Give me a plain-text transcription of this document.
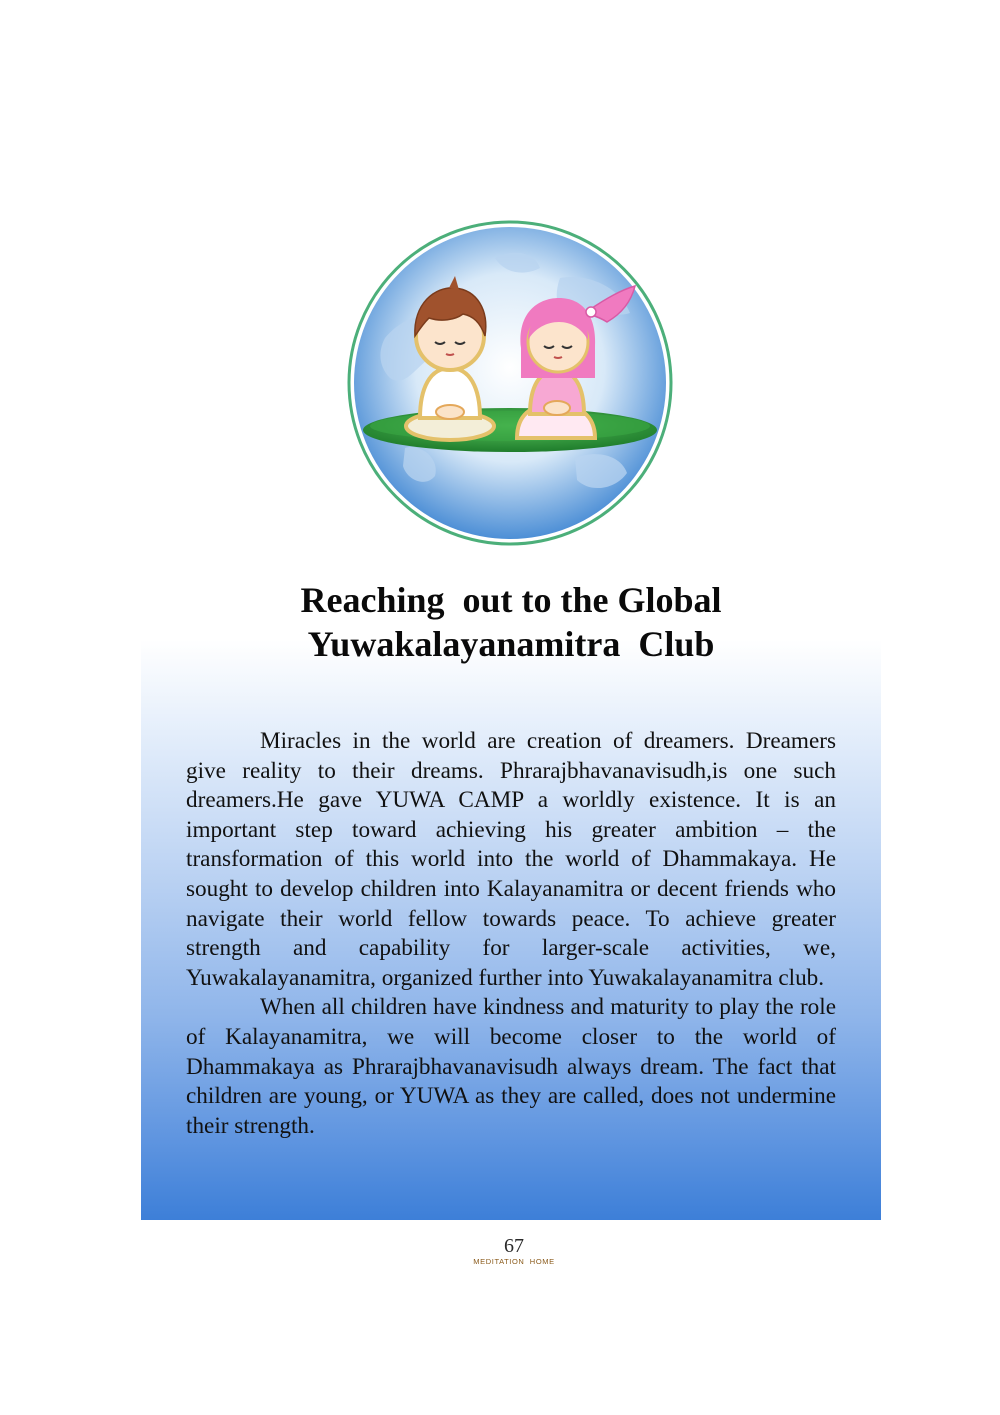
Reaching  out to the Global
Yuwakalayanamitra  Club

Miracles in the world are creation of dreamers. Dreamers give reality to their dreams. Phrarajbhavanavisudh,is one such dreamers.He gave YUWA CAMP a worldly existence. It is an important step toward achieving his greater ambition – the transformation of this world into the world of Dhammakaya. He sought to develop children into Kalayanamitra or decent friends who navigate their world fellow towards peace. To achieve greater strength and capability for larger-scale activities, we, Yuwakalayanamitra, organized further into Yuwakalayanamitra club.

When all children have kindness and maturity to play the role of Kalayanamitra, we will become closer to the world of Dhammakaya as Phrarajbhavanavisudh always dream. The fact that children are young, or YUWA as they are called, does not undermine their strength.

67
MEDITATION  HOME
